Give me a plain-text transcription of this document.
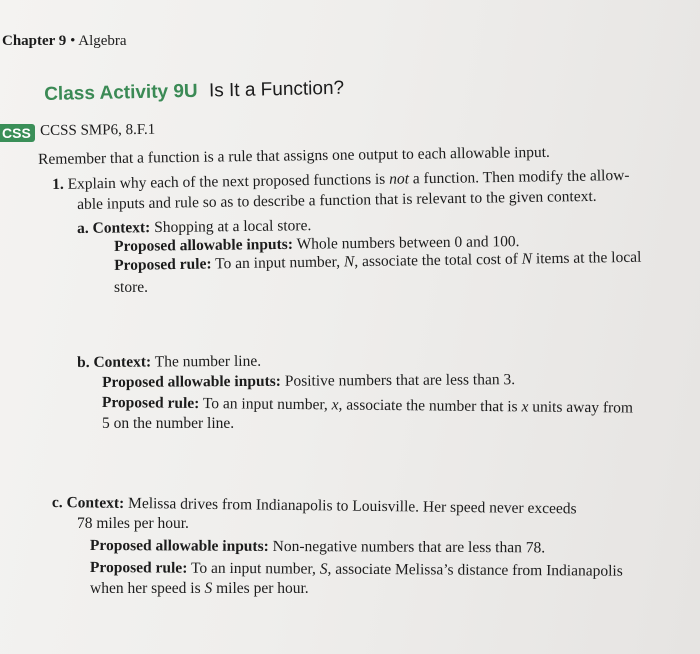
Chapter 9 • Algebra
Class Activity 9U Is It a Function?
CSS CCSS SMP6, 8.F.1
Remember that a function is a rule that assigns one output to each allowable input.
1. Explain why each of the next proposed functions is not a function. Then modify the allow-
able inputs and rule so as to describe a function that is relevant to the given context.
a. Context: Shopping at a local store.
Proposed allowable inputs: Whole numbers between 0 and 100.
Proposed rule: To an input number, N, associate the total cost of N items at the local
store.
b. Context: The number line.
Proposed allowable inputs: Positive numbers that are less than 3.
Proposed rule: To an input number, x, associate the number that is x units away from
5 on the number line.
c. Context: Melissa drives from Indianapolis to Louisville. Her speed never exceeds
78 miles per hour.
Proposed allowable inputs: Non-negative numbers that are less than 78.
Proposed rule: To an input number, S, associate Melissa’s distance from Indianapolis
when her speed is S miles per hour.
